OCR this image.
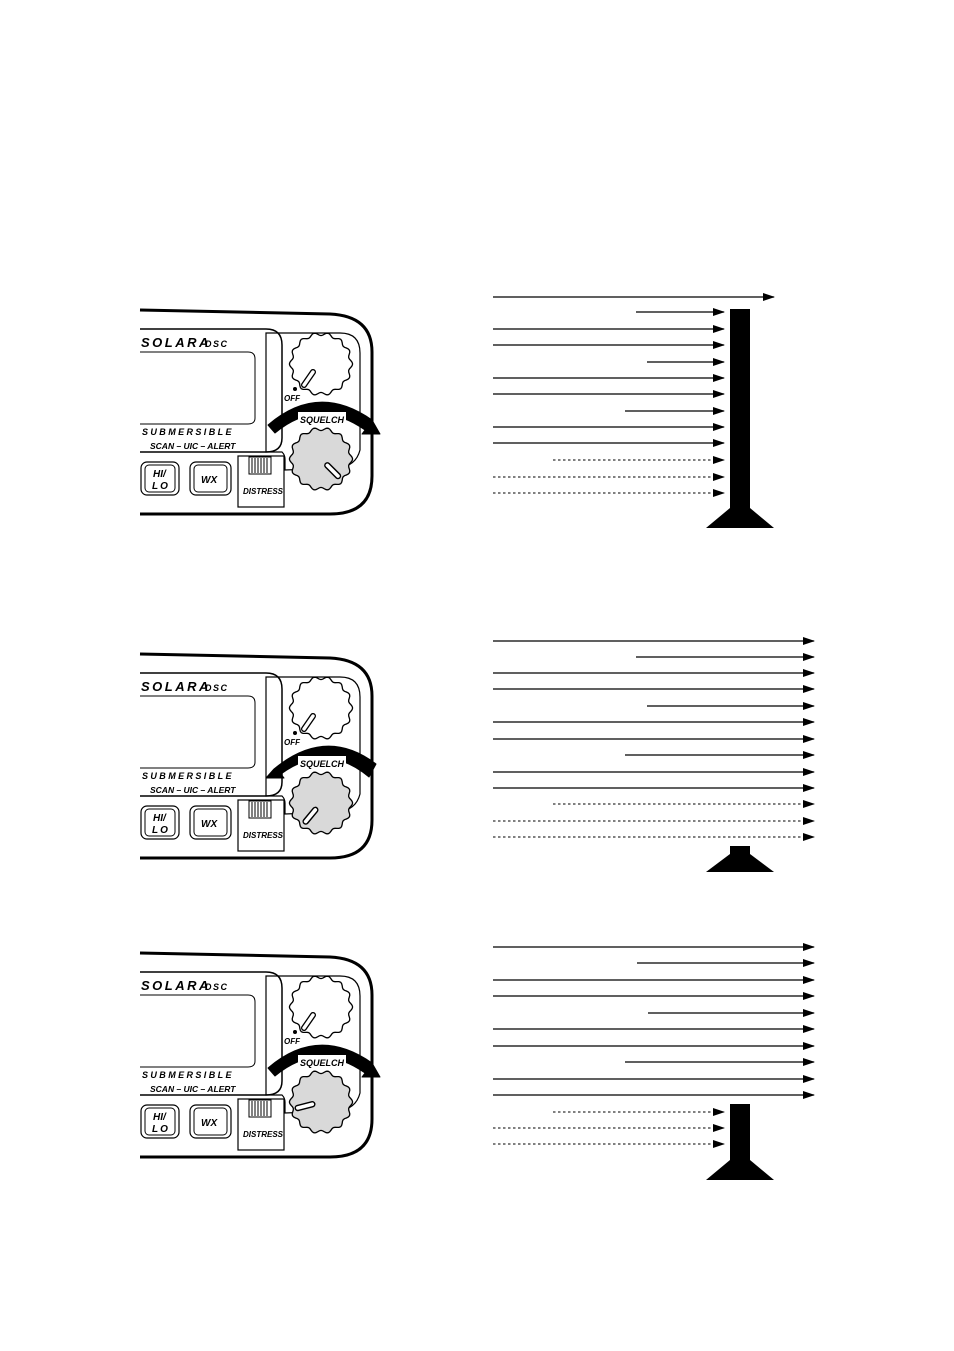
SOLARA
DSC
SUBMERSIBLE
SCAN – UIC – ALERT
OFF
SQUELCH
HI/
LO
WX
DISTRESS
SOLARA
DSC
SUBMERSIBLE
SCAN – UIC – ALERT
OFF
SQUELCH
HI/
LO
WX
DISTRESS
SOLARA
DSC
SUBMERSIBLE
SCAN – UIC – ALERT
OFF
SQUELCH
HI/
LO
WX
DISTRESS
